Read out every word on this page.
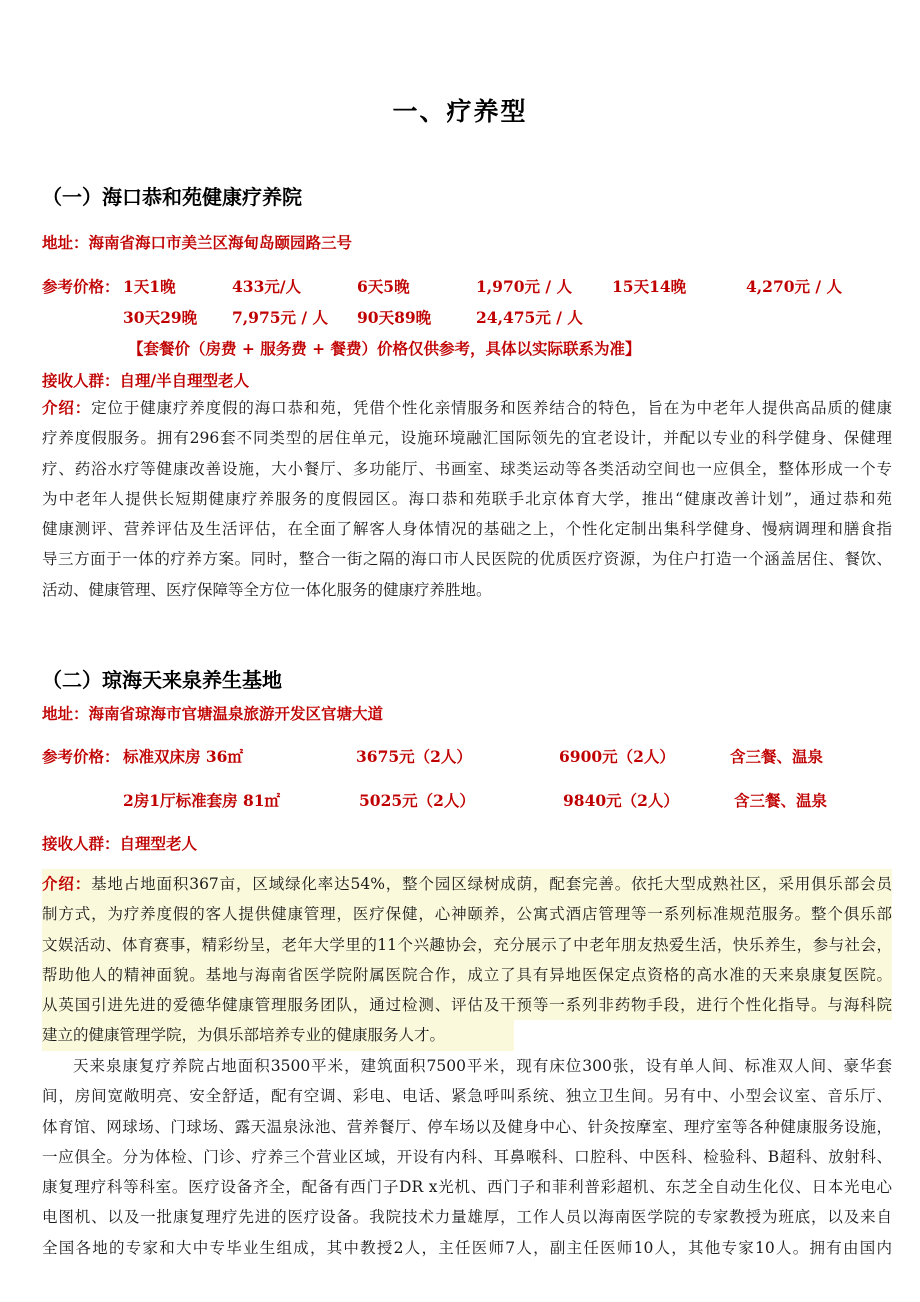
一、疗养型
（一）海口恭和苑健康疗养院
地址：海南省海口市美兰区海甸岛颐园路三号
参考价格： 1天1晚	433元/人	6天5晚	1,970元 / 人	15天14晚	4,270元 / 人
30天29晚 7,975元 / 人 90天89晚	24,475元 / 人
【套餐价（房费 + 服务费 + 餐费）价格仅供参考，具体以实际联系为准】
接收人群：自理/半自理型老人
介绍：定位于健康疗养度假的海口恭和苑，凭借个性化亲情服务和医养结合的特色，旨在为中老年人提供高品质的健康
疗养度假服务。拥有296套不同类型的居住单元，设施环境融汇国际领先的宜老设计，并配以专业的科学健身、保健理
疗、药浴水疗等健康改善设施，大小餐厅、多功能厅、书画室、球类运动等各类活动空间也一应俱全，整体形成一个专
为中老年人提供长短期健康疗养服务的度假园区。海口恭和苑联手北京体育大学，推出“健康改善计划”，通过恭和苑
健康测评、营养评估及生活评估，在全面了解客人身体情况的基础之上，个性化定制出集科学健身、慢病调理和膳食指
导三方面于一体的疗养方案。同时，整合一街之隔的海口市人民医院的优质医疗资源，为住户打造一个涵盖居住、餐饮、
活动、健康管理、医疗保障等全方位一体化服务的健康疗养胜地。
（二）琼海天来泉养生基地
地址：海南省琼海市官塘温泉旅游开发区官塘大道
参考价格： 标准双床房 36㎡	3675元（2人）	6900元（2人）	含三餐、温泉
2房1厅标准套房 81㎡	5025元（2人）	9840元（2人）	含三餐、温泉
接收人群：自理型老人
介绍：基地占地面积367亩，区域绿化率达54%，整个园区绿树成荫，配套完善。依托大型成熟社区，采用俱乐部会员
制方式，为疗养度假的客人提供健康管理，医疗保健，心神颐养，公寓式酒店管理等一系列标准规范服务。整个俱乐部
文娱活动、体育赛事，精彩纷呈，老年大学里的11个兴趣协会，充分展示了中老年朋友热爱生活，快乐养生，参与社会，
帮助他人的精神面貌。基地与海南省医学院附属医院合作，成立了具有异地医保定点资格的高水准的天来泉康复医院。
从英国引进先进的爱德华健康管理服务团队，通过检测、评估及干预等一系列非药物手段，进行个性化指导。与海科院
建立的健康管理学院，为俱乐部培养专业的健康服务人才。
天来泉康复疗养院占地面积3500平米，建筑面积7500平米，现有床位300张，设有单人间、标准双人间、豪华套
间，房间宽敞明亮、安全舒适，配有空调、彩电、电话、紧急呼叫系统、独立卫生间。另有中、小型会议室、音乐厅、
体育馆、网球场、门球场、露天温泉泳池、营养餐厅、停车场以及健身中心、针灸按摩室、理疗室等各种健康服务设施，
一应俱全。分为体检、门诊、疗养三个营业区域，开设有内科、耳鼻喉科、口腔科、中医科、检验科、B超科、放射科、
康复理疗科等科室。医疗设备齐全，配备有西门子DR x光机、西门子和菲利普彩超机、东芝全自动生化仪、日本光电心
电图机、以及一批康复理疗先进的医疗设备。我院技术力量雄厚，工作人员以海南医学院的专家教授为班底，以及来自
全国各地的专家和大中专毕业生组成，其中教授2人，主任医师7人，副主任医师10人，其他专家10人。拥有由国内
